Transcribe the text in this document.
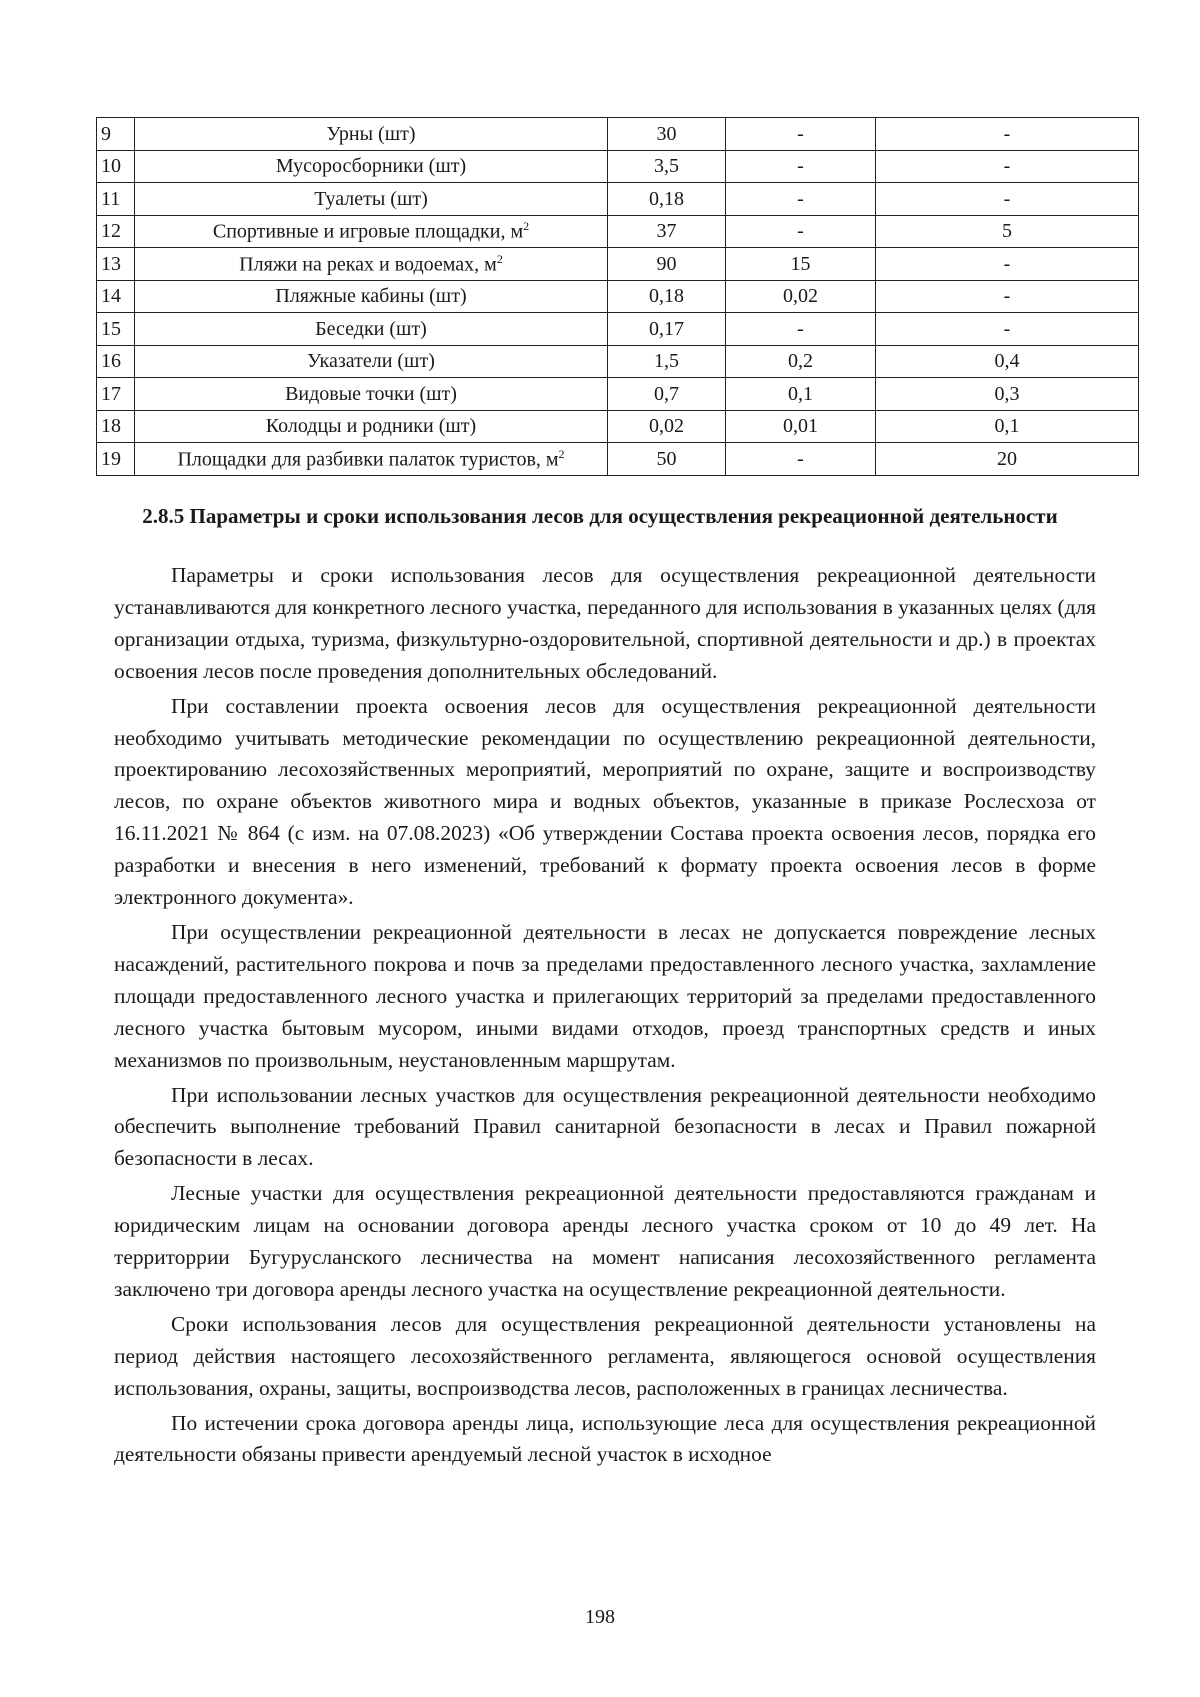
9	Урны (шт)	30	-	-
10	Мусоросборники (шт)	3,5	-	-
11	Туалеты (шт)	0,18	-	-
12	Спортивные и игровые площадки, $м^2$	37	-	5
13	Пляжи на реках и водоемах, $м^2$	90	15	-
14	Пляжные кабины (шт)	0,18	0,02	-
15	Беседки (шт)	0,17	-	-
16	Указатели (шт)	1,5	0,2	0,4
17	Видовые точки (шт)	0,7	0,1	0,3
18	Колодцы и родники (шт)	0,02	0,01	0,1
19	Площадки для разбивки палаток туристов, $м^2$	50	-	20
2.8.5 Параметры и сроки использования лесов для осуществления рекреационной деятельности

Параметры и сроки использования лесов для осуществления рекреационной деятельности устанавливаются для конкретного лесного участка, переданного для использования в указанных целях (для организации отдыха, туризма, физкультурно-оздоровительной, спортивной деятельности и др.) в проектах освоения лесов после проведения дополнительных обследований.

При составлении проекта освоения лесов для осуществления рекреационной деятельности необходимо учитывать методические рекомендации по осуществлению рекреационной деятельности, проектированию лесохозяйственных мероприятий, мероприятий по охране, защите и воспроизводству лесов, по охране объектов животного мира и водных объектов, указанные в приказе Рослесхоза от 16.11.2021 № 864 (с изм. на 07.08.2023) «Об утверждении Состава проекта освоения лесов, порядка его разработки и внесения в него изменений, требований к формату проекта освоения лесов в форме электронного документа».

При осуществлении рекреационной деятельности в лесах не допускается повреждение лесных насаждений, растительного покрова и почв за пределами предоставленного лесного участка, захламление площади предоставленного лесного участка и прилегающих территорий за пределами предоставленного лесного участка бытовым мусором, иными видами отходов, проезд транспортных средств и иных механизмов по произвольным, неустановленным маршрутам.

При использовании лесных участков для осуществления рекреационной деятельности необходимо обеспечить выполнение требований Правил санитарной безопасности в лесах и Правил пожарной безопасности в лесах.

Лесные участки для осуществления рекреационной деятельности предоставляются гражданам и юридическим лицам на основании договора аренды лесного участка сроком от 10 до 49 лет. На территоррии Бугурусланского лесничества на момент написания лесохозяйственного регламента заключено три договора аренды лесного участка на осуществление рекреационной деятельности.

Сроки использования лесов для осуществления рекреационной деятельности установлены на период действия настоящего лесохозяйственного регламента, являющегося основой осуществления использования, охраны, защиты, воспроизводства лесов, расположенных в границах лесничества.

По истечении срока договора аренды лица, использующие леса для осуществления рекреационной деятельности обязаны привести арендуемый лесной участок в исходное

198
